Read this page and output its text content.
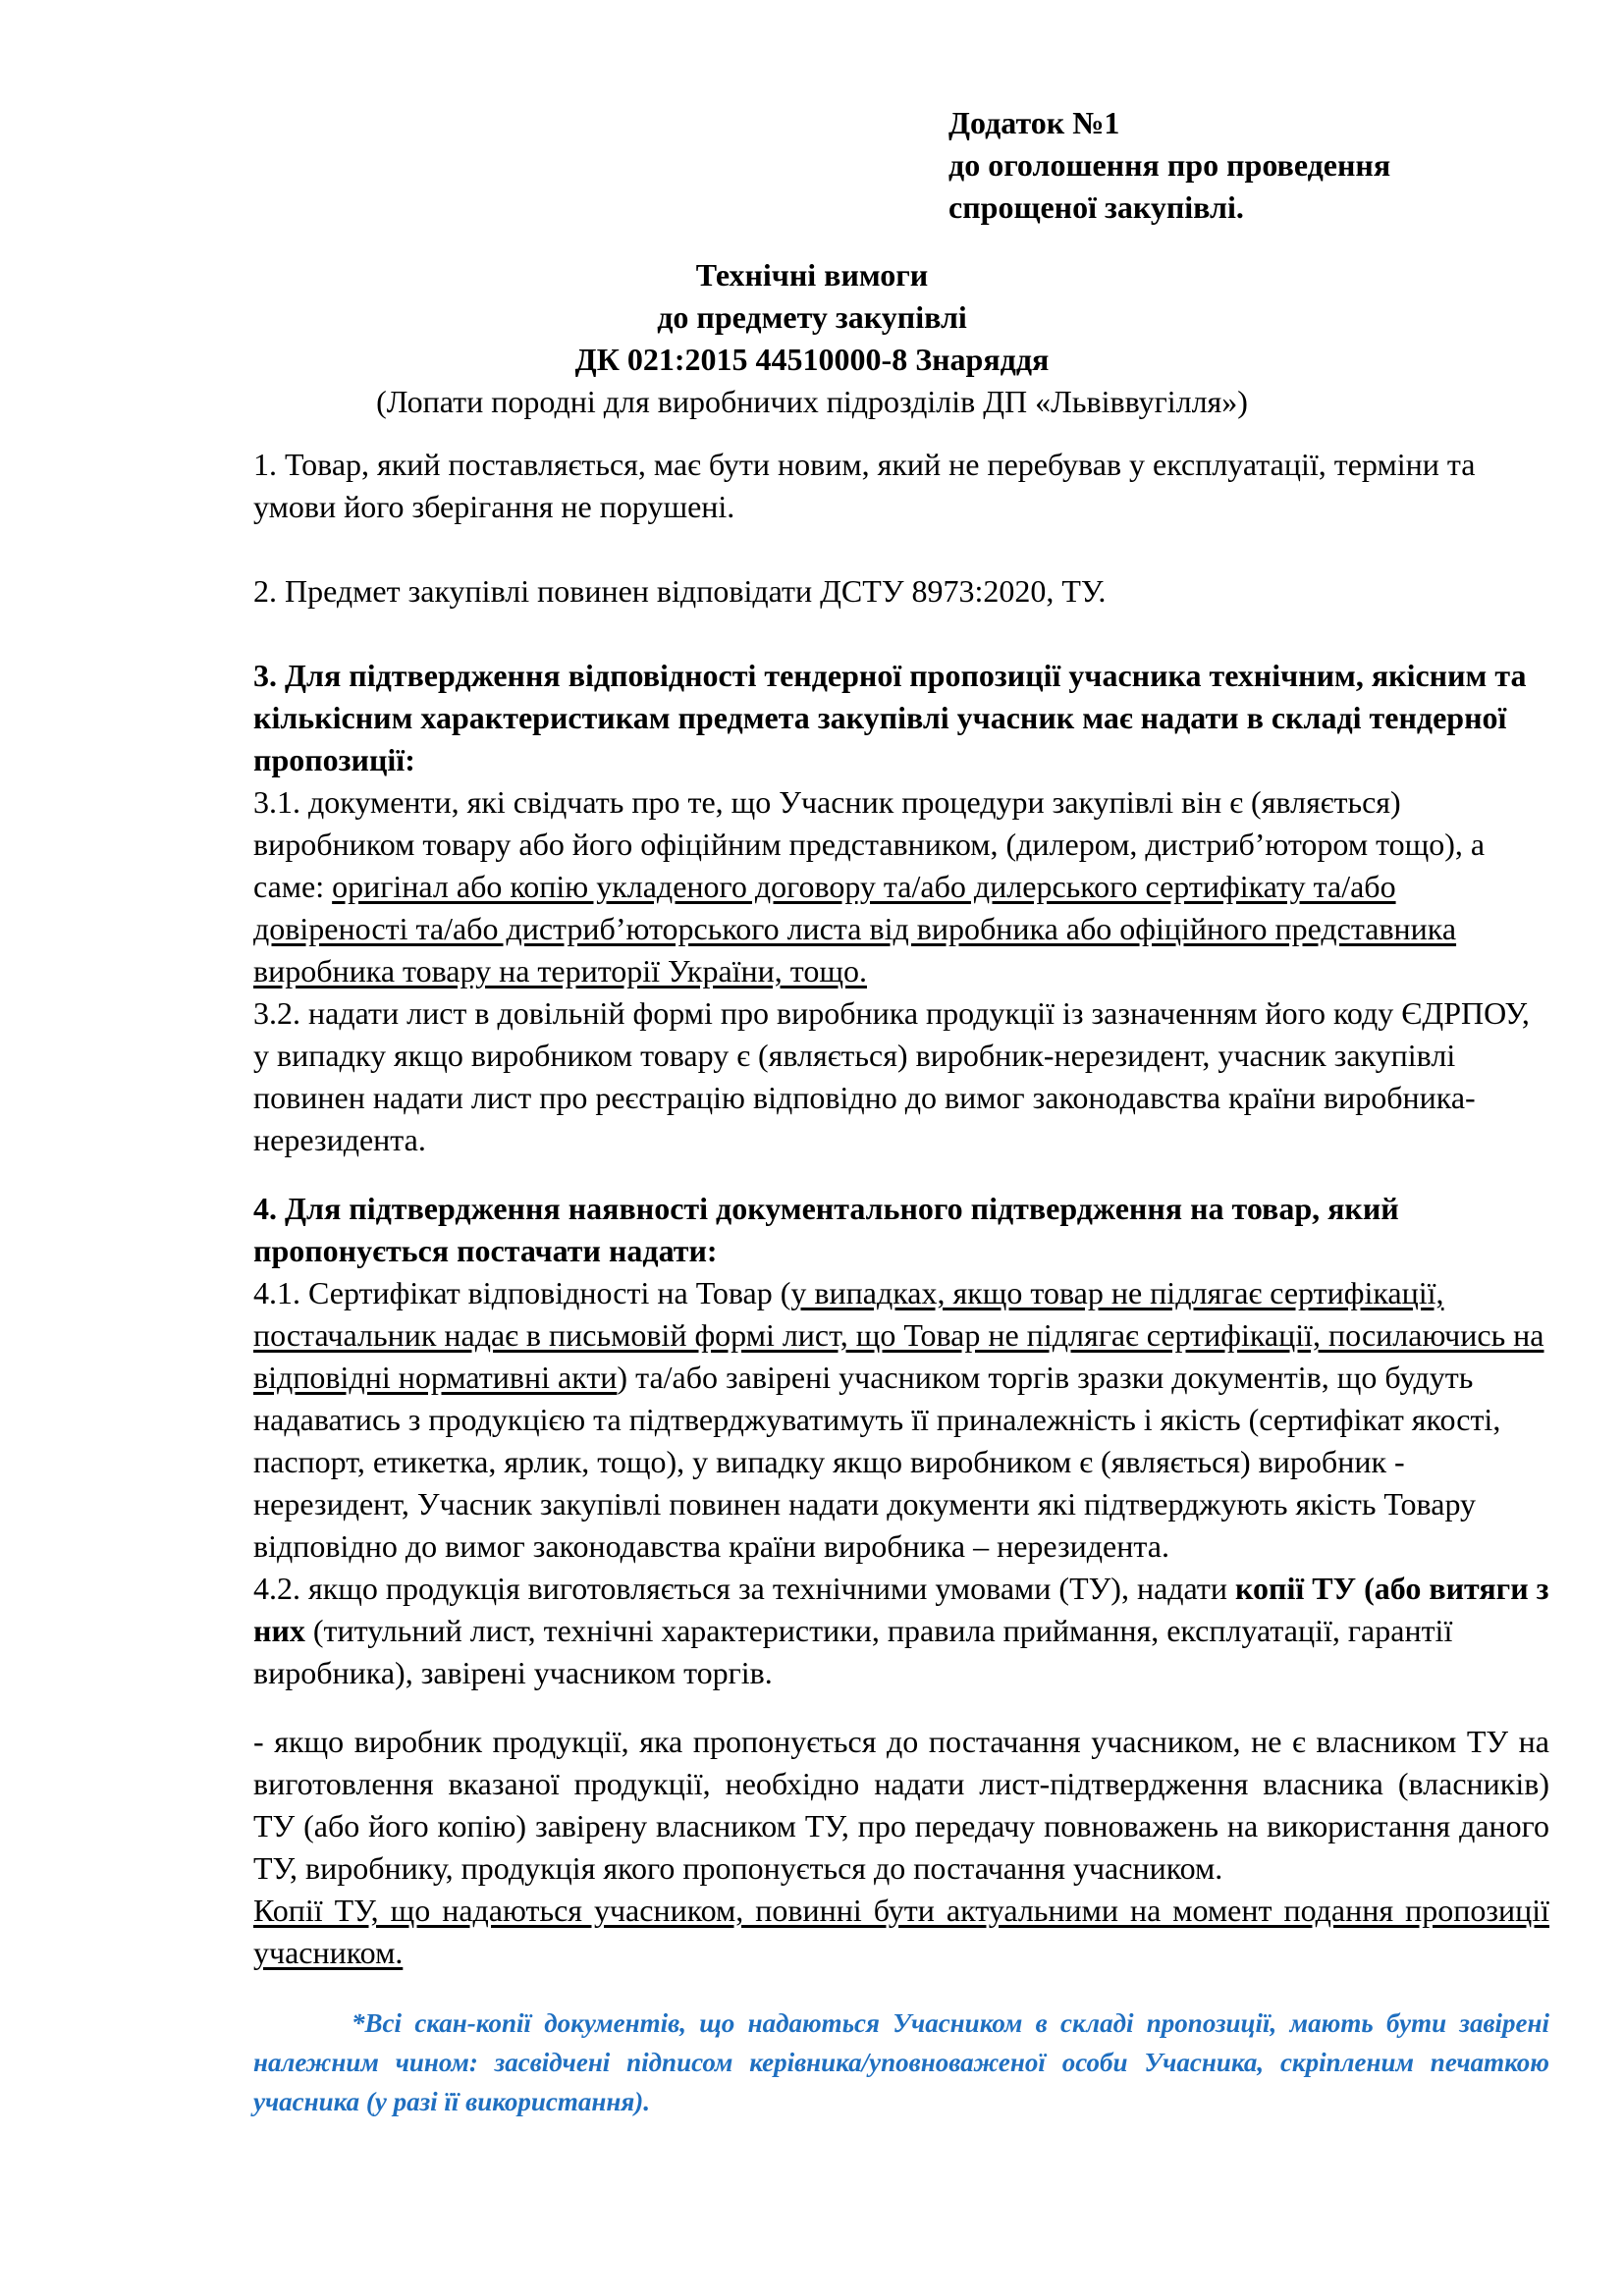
Додаток №1
до оголошення про проведення
спрощеної закупівлі.
Технічні вимоги
до предмету закупівлі
ДК 021:2015 44510000-8 Знаряддя
(Лопати породні для виробничих підрозділів ДП «Львіввугілля»)

1. Товар, який поставляється, має бути новим, який не перебував у експлуатації, терміни та умови його зберігання не порушені.

2. Предмет закупівлі повинен відповідати ДСТУ 8973:2020, ТУ.

3. Для підтвердження відповідності тендерної пропозиції учасника технічним, якісним та кількісним характеристикам предмета закупівлі учасник має надати в складі тендерної пропозиції:

3.1. документи, які свідчать про те, що Учасник процедури закупівлі він є (являється) виробником товару або його офіційним представником, (дилером, дистриб’ютором тощо), а саме: оригінал або копію укладеного договору та/або дилерського сертифікату та/або довіреності та/або дистриб’юторського листа від виробника або офіційного представника виробника товару на території України, тощо.

3.2. надати лист в довільній формі про виробника продукції із зазначенням його коду ЄДРПОУ, у випадку якщо виробником товару є (являється) виробник-нерезидент, учасник закупівлі повинен надати лист про реєстрацію відповідно до вимог законодавства країни виробника-нерезидента.

4. Для підтвердження наявності документального підтвердження на товар, який пропонується постачати надати:

4.1. Сертифікат відповідності на Товар (у випадках, якщо товар не підлягає сертифікації, постачальник надає в письмовій формі лист, що Товар не підлягає сертифікації, посилаючись на відповідні нормативні акти) та/або завірені учасником торгів зразки документів, що будуть надаватись з продукцією та підтверджуватимуть її приналежність і якість (сертифікат якості, паспорт, етикетка, ярлик, тощо), у випадку якщо виробником є (являється) виробник - нерезидент, Учасник закупівлі повинен надати документи які підтверджують якість Товару відповідно до вимог законодавства країни виробника – нерезидента.

4.2. якщо продукція виготовляється за технічними умовами (ТУ), надати копії ТУ (або витяги з них (титульний лист, технічні характеристики, правила приймання, експлуатації, гарантії виробника), завірені учасником торгів.

- якщо виробник продукції, яка пропонується до постачання учасником, не є власником ТУ на виготовлення вказаної продукції, необхідно надати лист-підтвердження власника (власників) ТУ (або його копію) завірену власником ТУ, про передачу повноважень на використання даного ТУ, виробнику, продукція якого пропонується до постачання учасником.

Копії ТУ, що надаються учасником, повинні бути актуальними на момент подання пропозиції учасником.

*Всі скан-копії документів, що надаються Учасником в складі пропозиції, мають бути завірені належним чином: засвідчені підписом керівника/уповноваженої особи Учасника, скріпленим печаткою учасника (у разі її використання).
